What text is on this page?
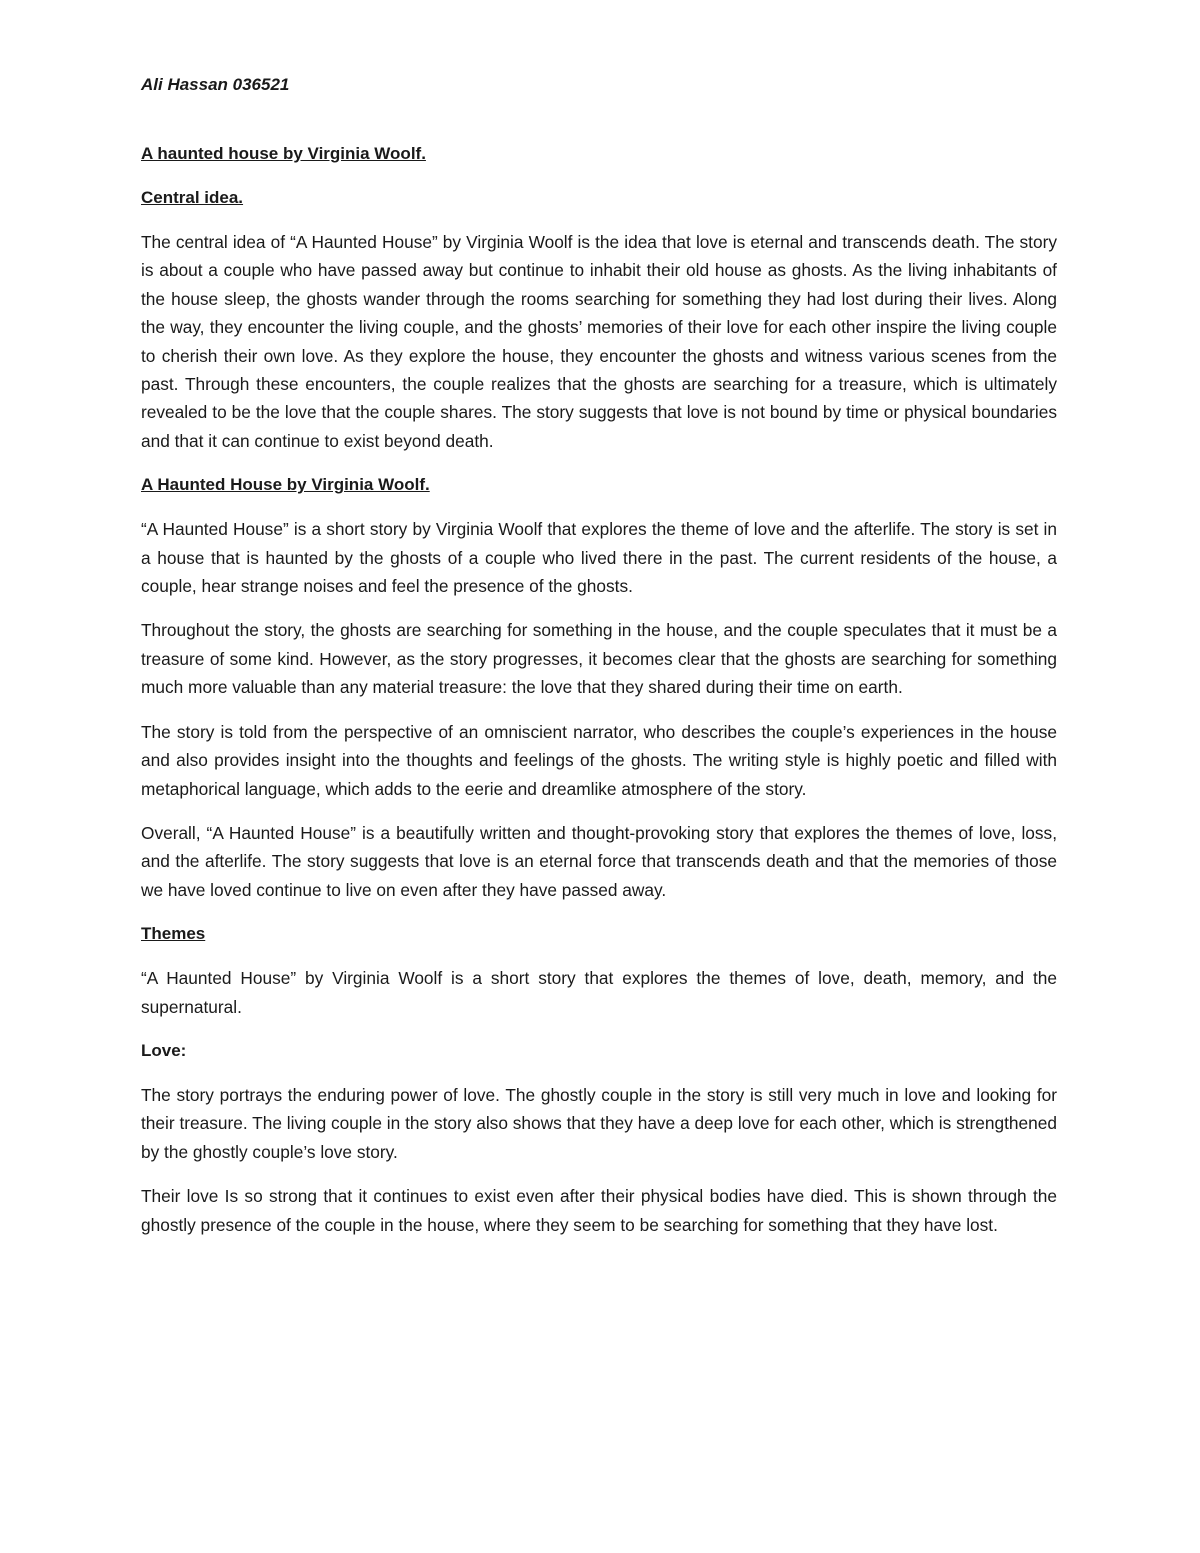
Ali Hassan 036521
A haunted house by Virginia Woolf.
Central idea.

The central idea of “A Haunted House” by Virginia Woolf is the idea that love is eternal and transcends death. The story is about a couple who have passed away but continue to inhabit their old house as ghosts. As the living inhabitants of the house sleep, the ghosts wander through the rooms searching for something they had lost during their lives. Along the way, they encounter the living couple, and the ghosts’ memories of their love for each other inspire the living couple to cherish their own love. As they explore the house, they encounter the ghosts and witness various scenes from the past. Through these encounters, the couple realizes that the ghosts are searching for a treasure, which is ultimately revealed to be the love that the couple shares. The story suggests that love is not bound by time or physical boundaries and that it can continue to exist beyond death.

A Haunted House by Virginia Woolf.

“A Haunted House” is a short story by Virginia Woolf that explores the theme of love and the afterlife. The story is set in a house that is haunted by the ghosts of a couple who lived there in the past. The current residents of the house, a couple, hear strange noises and feel the presence of the ghosts.

Throughout the story, the ghosts are searching for something in the house, and the couple speculates that it must be a treasure of some kind. However, as the story progresses, it becomes clear that the ghosts are searching for something much more valuable than any material treasure: the love that they shared during their time on earth.

The story is told from the perspective of an omniscient narrator, who describes the couple’s experiences in the house and also provides insight into the thoughts and feelings of the ghosts. The writing style is highly poetic and filled with metaphorical language, which adds to the eerie and dreamlike atmosphere of the story.

Overall, “A Haunted House” is a beautifully written and thought-provoking story that explores the themes of love, loss, and the afterlife. The story suggests that love is an eternal force that transcends death and that the memories of those we have loved continue to live on even after they have passed away.

Themes

“A Haunted House” by Virginia Woolf is a short story that explores the themes of love, death, memory, and the supernatural.

Love:

The story portrays the enduring power of love. The ghostly couple in the story is still very much in love and looking for their treasure. The living couple in the story also shows that they have a deep love for each other, which is strengthened by the ghostly couple’s love story.

Their love Is so strong that it continues to exist even after their physical bodies have died. This is shown through the ghostly presence of the couple in the house, where they seem to be searching for something that they have lost.
